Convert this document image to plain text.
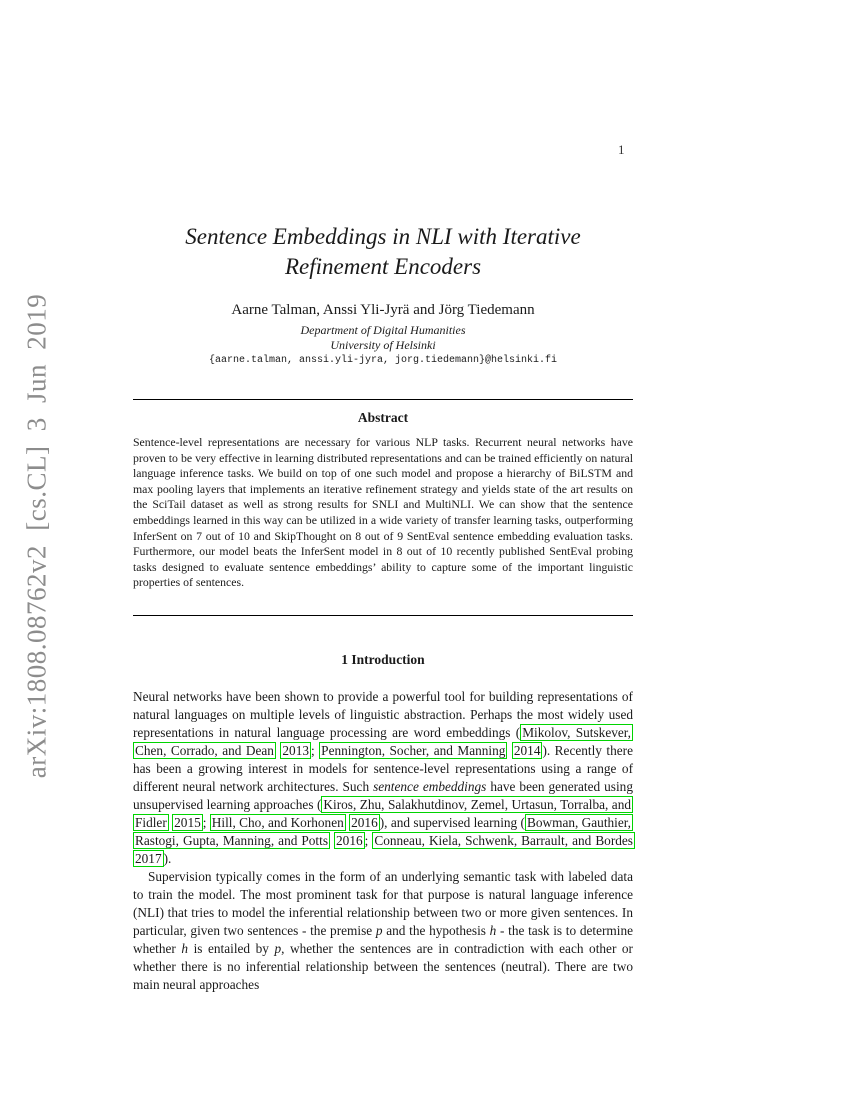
arXiv:1808.08762v2 [cs.CL] 3 Jun 2019
1
Sentence Embeddings in NLI with Iterative
Refinement Encoders
Aarne Talman, Anssi Yli-Jyrä and Jörg Tiedemann
Department of Digital Humanities
University of Helsinki
{aarne.talman, anssi.yli-jyra, jorg.tiedemann}@helsinki.fi
Abstract
Sentence-level representations are necessary for various NLP tasks. Recurrent neural networks have proven to be very effective in learning distributed representations and can be trained efficiently on natural language inference tasks. We build on top of one such model and propose a hierarchy of BiLSTM and max pooling layers that implements an iterative refinement strategy and yields state of the art results on the SciTail dataset as well as strong results for SNLI and MultiNLI. We can show that the sentence embeddings learned in this way can be utilized in a wide variety of transfer learning tasks, outperforming InferSent on 7 out of 10 and SkipThought on 8 out of 9 SentEval sentence embedding evaluation tasks. Furthermore, our model beats the InferSent model in 8 out of 10 recently published SentEval probing tasks designed to evaluate sentence embeddings’ ability to capture some of the important linguistic properties of sentences.
1 Introduction

Neural networks have been shown to provide a powerful tool for building representations of natural languages on multiple levels of linguistic abstraction. Perhaps the most widely used representations in natural language processing are word embeddings ( Mikolov, Sutskever, Chen, Corrado, and Dean 2013 ; Pennington, Socher, and Manning 2014 ). Recently there has been a growing interest in models for sentence-level representations using a range of different neural network architectures. Such sentence embeddings have been generated using unsupervised learning approaches ( Kiros, Zhu, Salakhutdinov, Zemel, Urtasun, Torralba, and Fidler 2015 ; Hill, Cho, and Korhonen 2016 ), and supervised learning ( Bowman, Gauthier, Rastogi, Gupta, Manning, and Potts 2016 ; Conneau, Kiela, Schwenk, Barrault, and Bordes 2017 ).

Supervision typically comes in the form of an underlying semantic task with labeled data to train the model. The most prominent task for that purpose is natural language inference (NLI) that tries to model the inferential relationship between two or more given sentences. In particular, given two sentences - the premise p and the hypothesis h - the task is to determine whether h is entailed by p, whether the sentences are in contradiction with each other or whether there is no inferential relationship between the sentences (neutral). There are two main neural approaches
